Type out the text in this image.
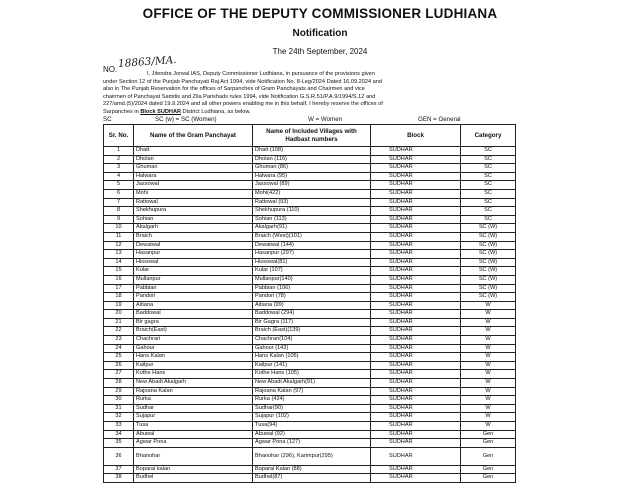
OFFICE OF THE DEPUTY COMMISSIONER LUDHIANA
Notification
The 24th September, 2024
18863/MA.
NO.	I, Jitendra Jorwal IAS, Deputy Commissioner Ludhiana, in pursuance of the provisions given
under Section 12 of the Punjab Panchayati Raj Act 1994, vide Notification No. 8-Leg/2024 Dated 16.09.2024 and
also in The Punjab Reservation for the offices of Sarpanches of Gram Panchayats and Chairmen and vice
chairmen of Panchayat Samitis and Zila Parishads rules 1994, vide Notification G.S.R.51/P.A.9/1994/S.12 and
227/amd.(5)/2024 dated 19.9.2024 and all other powers enabling me in this behalf, I hereby reserve the offices of
Sarpanches in Block SUDHAR District Ludhiana, as below.
SC	SC (w) = SC (Women)	W = Women	GEN = General
Sr. No.	Name of the Gram Panchayat	Name of Included Villages with Hadbast numbers	Block	Category
1	Dhatt	Dhatt (108)	SUDHAR	SC
2	Dholan	Dholan (116)	SUDHAR	SC
3	Ghuman	Ghuman (86)	SUDHAR	SC
4	Halwara	Halwara (95)	SUDHAR	SC
5	Jassowal	Jassowal (89)	SUDHAR	SC
6	Mohi	Mohi(422)	SUDHAR	SC
7	Rattowal	Rattowal (93)	SUDHAR	SC
8	Shekhupura	Shekhupura (110)	SUDHAR	SC
9	Sohian	Sohian (113)	SUDHAR	SC
10	Akalgarh	Akalgarh(91)	SUDHAR	SC (W)
11	Braich	Braich (West)(101)	SUDHAR	SC (W)
12	Dewatwal	Dewatwal (144)	SUDHAR	SC (W)
13	Hasanpur	Hasanpur (297)	SUDHAR	SC (W)
14	Hissowal	Hissowal(81)	SUDHAR	SC (W)
15	Kular	Kular (107)	SUDHAR	SC (W)
16	Mullanpur	Mullanpur(140)	SUDHAR	SC (W)
17	Pabbian	Pabbian (106)	SUDHAR	SC (W)
18	Pandori	Pandori (78)	SUDHAR	SC (W)
19	Aitiana	Aitiana (99)	SUDHAR	W
20	Baddowal	Baddowal (294)	SUDHAR	W
21	Bir gagra	Bir Gagra (117)	SUDHAR	W
22	Braich(East)	Braich (East)(139)	SUDHAR	W
23	Chachrari	Chachrari(104)	SUDHAR	W
24	Gahour	Gahour (143)	SUDHAR	W
25	Hans Kalan	Hans Kalan (105)	SUDHAR	W
26	Kailpur	Kailpur (141)	SUDHAR	W
27	Kothe Hans	Kothe Hans (105)	SUDHAR	W
28	New Abadi Akalgarh	New Abadi Akalgarh(91)	SUDHAR	W
29	Rajoana Kalan	Rajoana Kalan (97)	SUDHAR	W
30	Rurka	Rurka (424)	SUDHAR	W
31	Sudhar	Sudhar(90)	SUDHAR	W
32	Sujapur	Sujapur (102)	SUDHAR	W
33	Tusa	Tusa(94)	SUDHAR	W
34	Abuwal	Abuwal (92)	SUDHAR	Gen
35	Agwar Pona	Agwar Pona (127)	SUDHAR	Gen
36	Bhanohar	Bhanohar (296), Karimpur(295)	SUDHAR	Gen
37	Boparai kalan	Boparai Kalan (88)	SUDHAR	Gen
38	Budhel	Budhel(87)	SUDHAR	Gen
